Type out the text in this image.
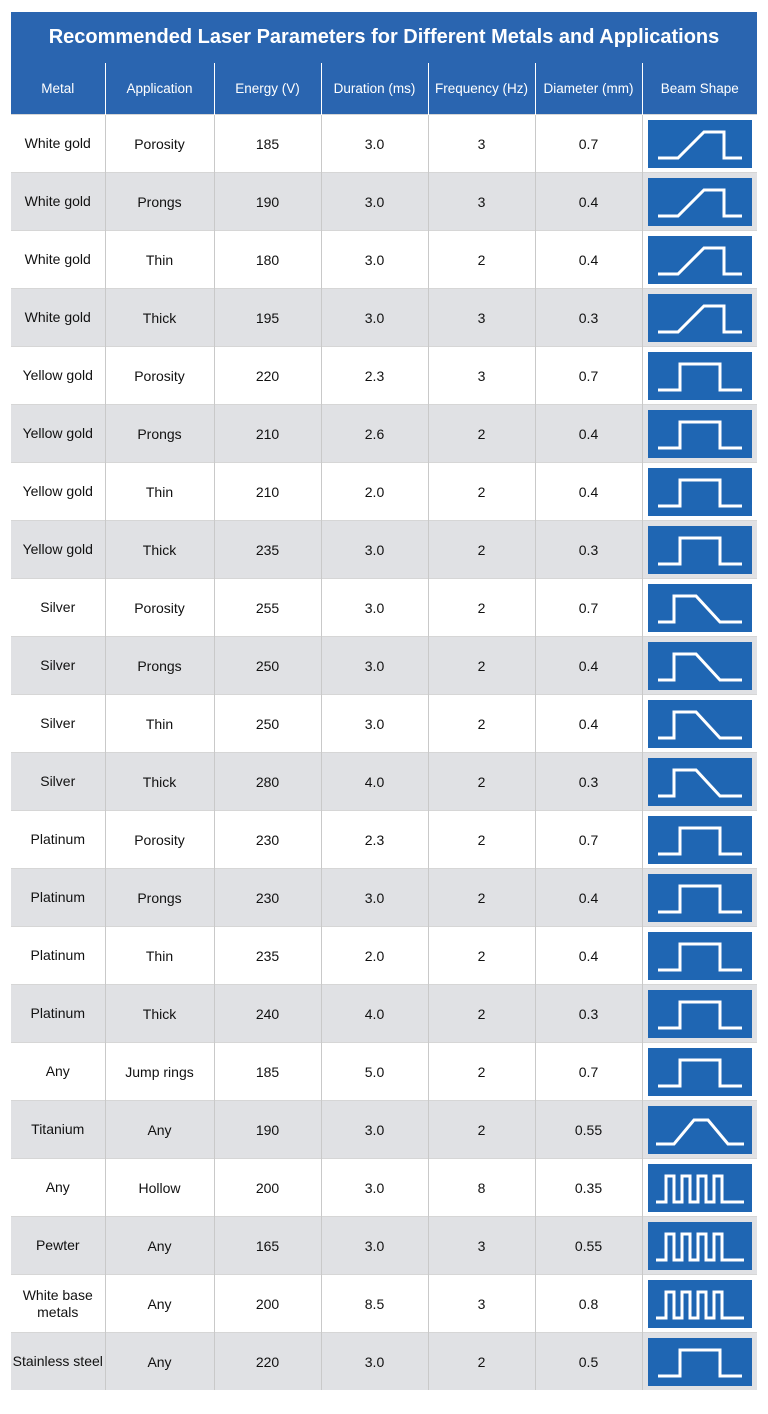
Recommended Laser Parameters for Different Metals and Applications
Metal	Application	Energy (V)	Duration (ms)	Frequency (Hz)	Diameter (mm)	Beam Shape
White gold	Porosity	185	3.0	3	0.7	

White gold	Prongs	190	3.0	3	0.4	

White gold	Thin	180	3.0	2	0.4	

White gold	Thick	195	3.0	3	0.3	

Yellow gold	Porosity	220	2.3	3	0.7	

Yellow gold	Prongs	210	2.6	2	0.4	

Yellow gold	Thin	210	2.0	2	0.4	

Yellow gold	Thick	235	3.0	2	0.3	

Silver	Porosity	255	3.0	2	0.7	

Silver	Prongs	250	3.0	2	0.4	

Silver	Thin	250	3.0	2	0.4	

Silver	Thick	280	4.0	2	0.3	

Platinum	Porosity	230	2.3	2	0.7	

Platinum	Prongs	230	3.0	2	0.4	

Platinum	Thin	235	2.0	2	0.4	

Platinum	Thick	240	4.0	2	0.3	

Any	Jump rings	185	5.0	2	0.7	

Titanium	Any	190	3.0	2	0.55	

Any	Hollow	200	3.0	8	0.35	

Pewter	Any	165	3.0	3	0.55	

White base metals	Any	200	8.5	3	0.8	

Stainless steel	Any	220	3.0	2	0.5	
